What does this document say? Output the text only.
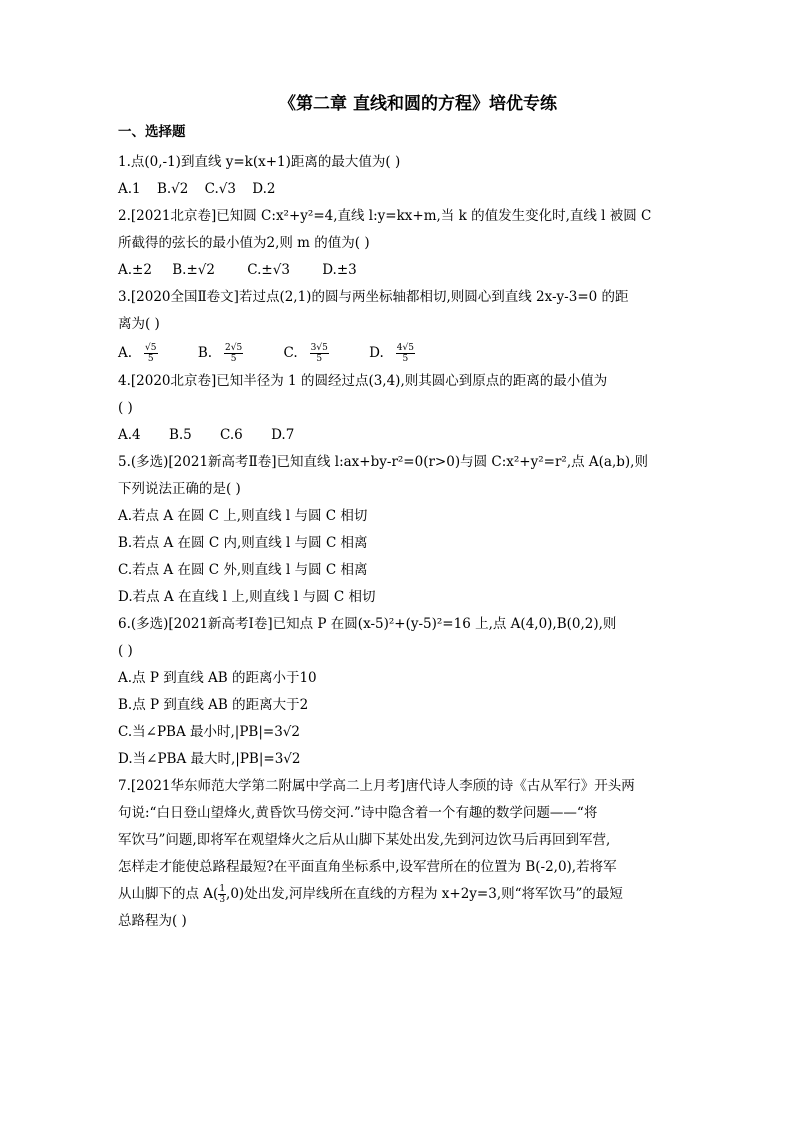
《第二章 直线和圆的方程》培优专练
一、选择题

1.点(0,-1)到直线 y=k(x+1)距离的最大值为( )

A.1 B.√2 C.√3 D.2

2.[2021北京卷]已知圆 C:x²+y²=4,直线 l:y=kx+m,当 k 的值发生变化时,直线 l 被圆 C

所截得的弦长的最小值为2,则 m 的值为( )

A.±2 B.±√2 C.±√3 D.±3

3.[2020全国Ⅱ卷文]若过点(2,1)的圆与两坐标轴都相切,则圆心到直线 2x-y-3=0 的距

离为( )

A. $\frac{√5}{5} B$. $\frac{2√5}{5} C$. $\frac{3√5}{5} D$. $\frac{4√5}{5}$

4.[2020北京卷]已知半径为 1 的圆经过点(3,4),则其圆心到原点的距离的最小值为

( )

A.4 B.5 C.6 D.7

5.(多选)[2021新高考Ⅱ卷]已知直线 l:ax+by-r²=0(r>0)与圆 C:x²+y²=r²,点 A(a,b),则

下列说法正确的是( )

A.若点 A 在圆 C 上,则直线 l 与圆 C 相切

B.若点 A 在圆 C 内,则直线 l 与圆 C 相离

C.若点 A 在圆 C 外,则直线 l 与圆 C 相离

D.若点 A 在直线 l 上,则直线 l 与圆 C 相切

6.(多选)[2021新高考Ⅰ卷]已知点 P 在圆(x-5)²+(y-5)²=16 上,点 A(4,0),B(0,2),则

( )

A.点 P 到直线 AB 的距离小于10

B.点 P 到直线 AB 的距离大于2

C.当∠PBA 最小时,|PB|=3√2

D.当∠PBA 最大时,|PB|=3√2

7.[2021华东师范大学第二附属中学高二上月考]唐代诗人李颀的诗《古从军行》开头两

句说:“白日登山望烽火,黄昏饮马傍交河.”诗中隐含着一个有趣的数学问题——“将

军饮马”问题,即将军在观望烽火之后从山脚下某处出发,先到河边饮马后再回到军营,

怎样走才能使总路程最短?在平面直角坐标系中,设军营所在的位置为 B(-2,0),若将军

从山脚下的点 $A( \frac{1}{3} ,0)$处出发,河岸线所在直线的方程为 x+2y=3,则“将军饮马”的最短

总路程为( )
